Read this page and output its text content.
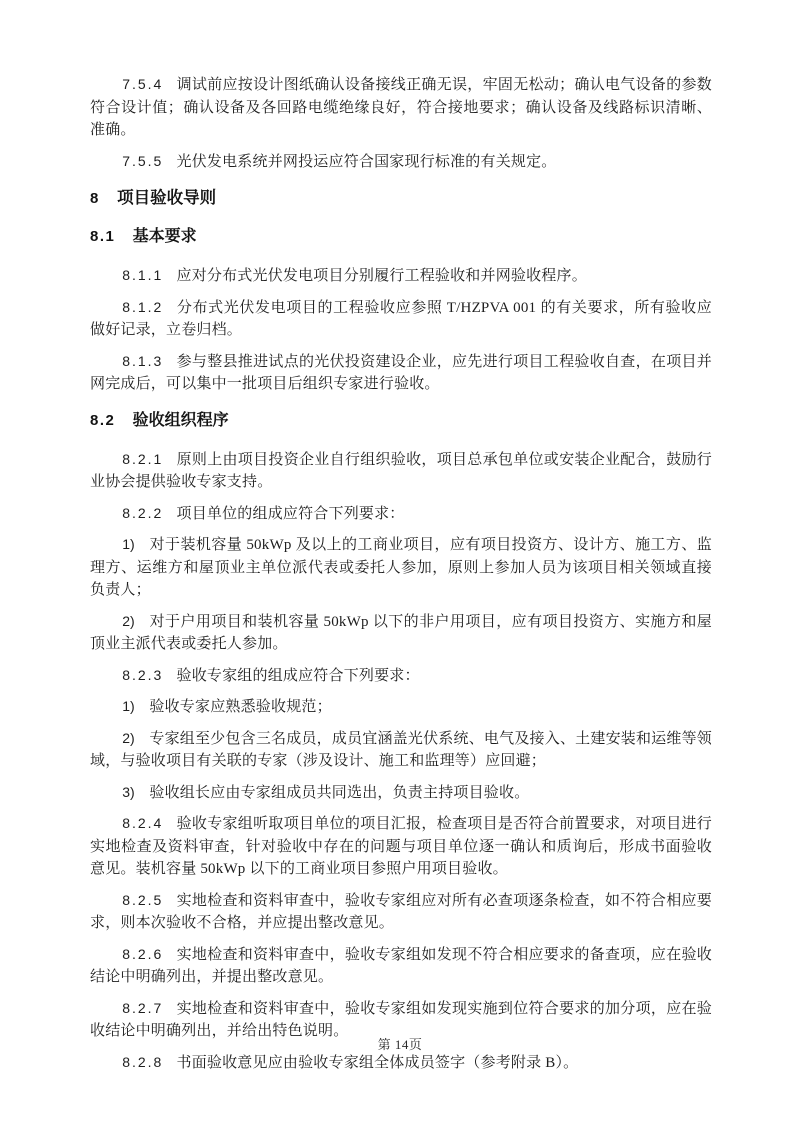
7.5.4 调试前应按设计图纸确认设备接线正确无误，牢固无松动；确认电气设备的参数符合设计值；确认设备及各回路电缆绝缘良好，符合接地要求；确认设备及线路标识清晰、准确。

7.5.5 光伏发电系统并网投运应符合国家现行标准的有关规定。

8 项目验收导则
8.1 基本要求

8.1.1 应对分布式光伏发电项目分别履行工程验收和并网验收程序。

8.1.2 分布式光伏发电项目的工程验收应参照 T/HZPVA 001 的有关要求，所有验收应做好记录，立卷归档。

8.1.3 参与整县推进试点的光伏投资建设企业，应先进行项目工程验收自查，在项目并网完成后，可以集中一批项目后组织专家进行验收。

8.2 验收组织程序

8.2.1 原则上由项目投资企业自行组织验收，项目总承包单位或安装企业配合，鼓励行业协会提供验收专家支持。

8.2.2 项目单位的组成应符合下列要求：

1) 对于装机容量 50kWp 及以上的工商业项目，应有项目投资方、设计方、施工方、监理方、运维方和屋顶业主单位派代表或委托人参加，原则上参加人员为该项目相关领域直接负责人；

2) 对于户用项目和装机容量 50kWp 以下的非户用项目，应有项目投资方、实施方和屋顶业主派代表或委托人参加。

8.2.3 验收专家组的组成应符合下列要求：

1) 验收专家应熟悉验收规范；

2) 专家组至少包含三名成员，成员宜涵盖光伏系统、电气及接入、土建安装和运维等领域，与验收项目有关联的专家（涉及设计、施工和监理等）应回避；

3) 验收组长应由专家组成员共同选出，负责主持项目验收。

8.2.4 验收专家组听取项目单位的项目汇报，检查项目是否符合前置要求，对项目进行实地检查及资料审查，针对验收中存在的问题与项目单位逐一确认和质询后，形成书面验收意见。装机容量 50kWp 以下的工商业项目参照户用项目验收。

8.2.5 实地检查和资料审查中，验收专家组应对所有必查项逐条检查，如不符合相应要求，则本次验收不合格，并应提出整改意见。

8.2.6 实地检查和资料审查中，验收专家组如发现不符合相应要求的备查项，应在验收结论中明确列出，并提出整改意见。

8.2.7 实地检查和资料审查中，验收专家组如发现实施到位符合要求的加分项，应在验收结论中明确列出，并给出特色说明。

8.2.8 书面验收意见应由验收专家组全体成员签字（参考附录 B）。

第 14页
